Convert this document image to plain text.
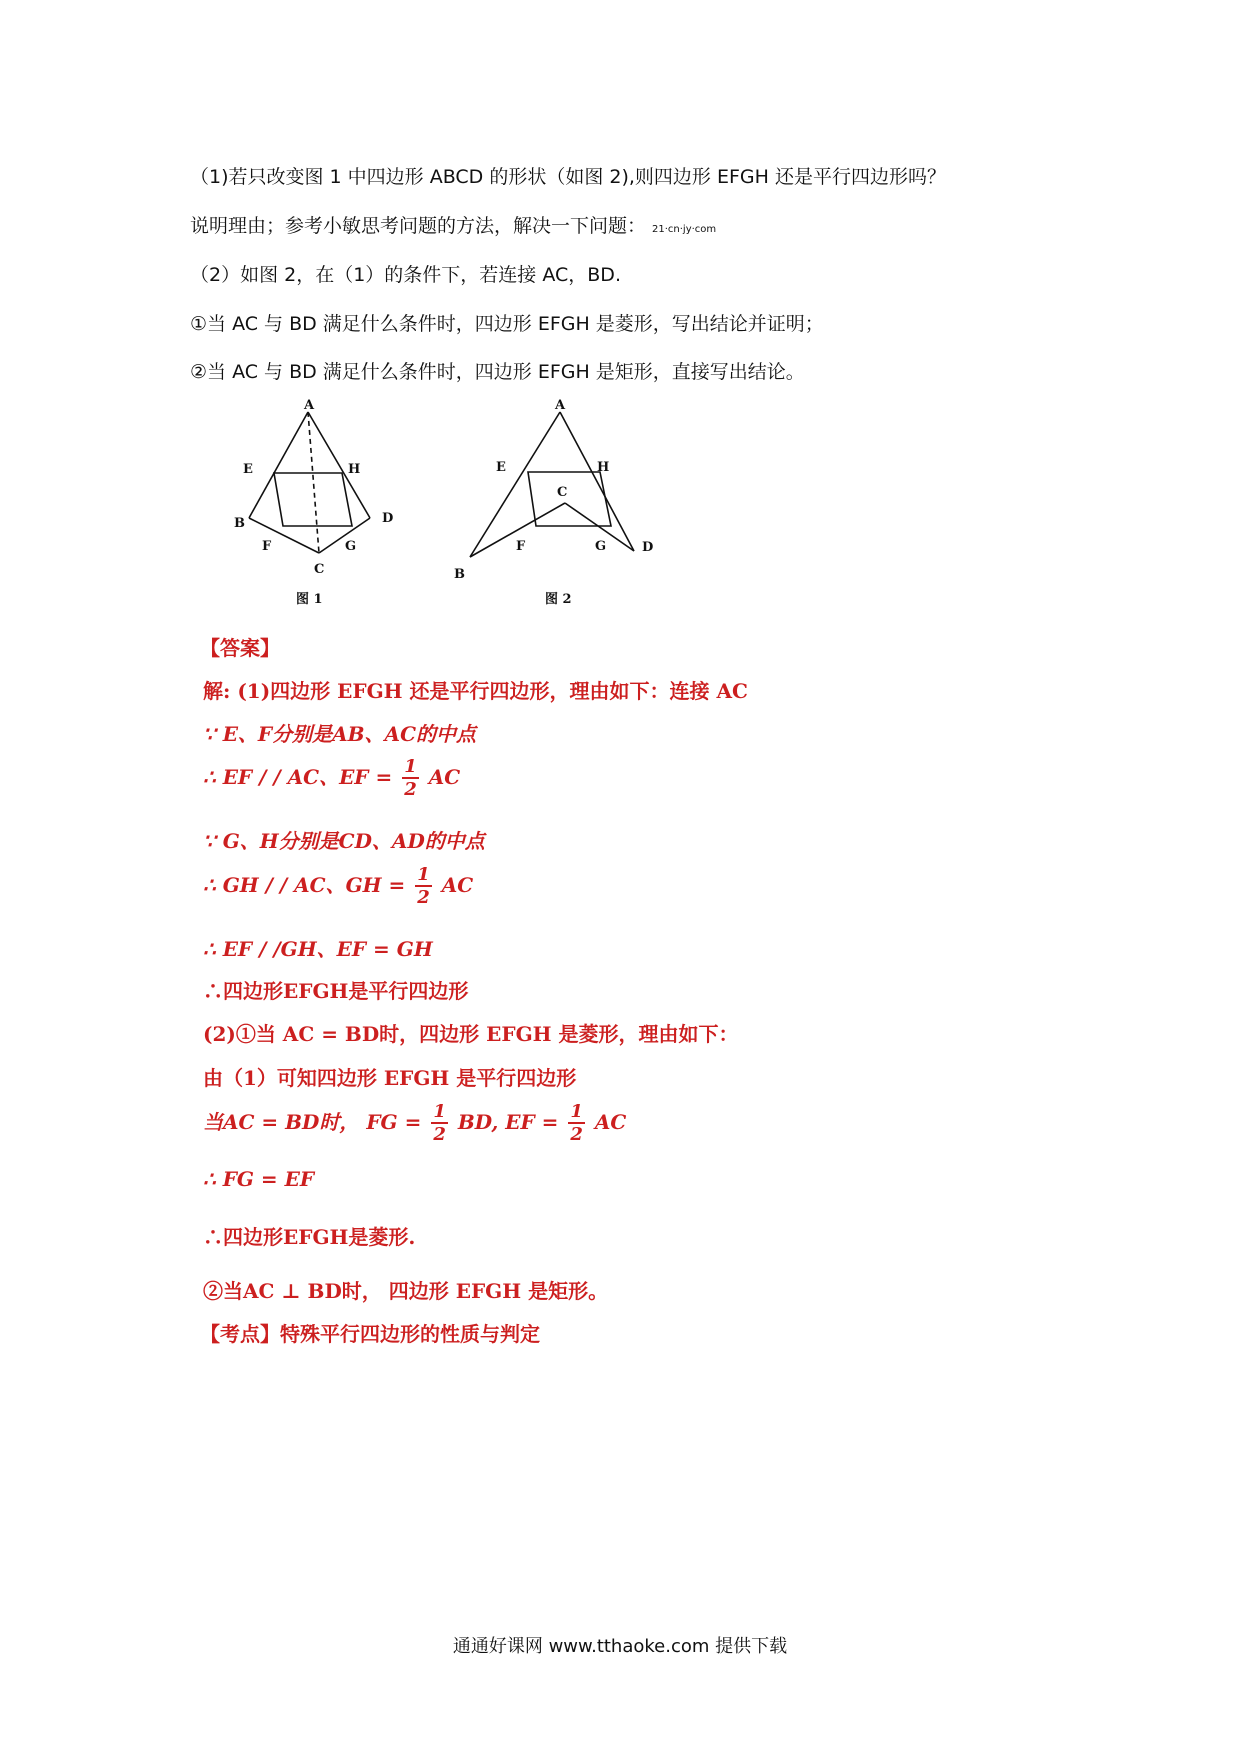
（1)若只改变图 1 中四边形 ABCD 的形状（如图 2),则四边形 EFGH 还是平行四边形吗？
说明理由；参考小敏思考问题的方法，解决一下问题： 21·cn·jy·com
（2）如图 2，在（1）的条件下，若连接 AC，BD.
①当 AC 与 BD 满足什么条件时，四边形 EFGH 是菱形，写出结论并证明；
②当 AC 与 BD 满足什么条件时，四边形 EFGH 是矩形，直接写出结论。
A
B
C
D
E
F	G
H
图 1
A
B
C
D
E
F	G
H
图 2
【答案】
解: (1)四边形 EFGH 还是平行四边形，理由如下：连接 AC
∵ E、F分别是AB、AC的中点
∴ EF / / AC、EF = $\frac{1}{2}$ AC
∵ G、H分别是CD、AD的中点
∴ GH / / AC、GH = $\frac{1}{2}$ AC
∴ EF / /GH、EF = GH
∴四边形EFGH是平行四边形
(2)①当 AC = BD时，四边形 EFGH 是菱形，理由如下：
由（1）可知四边形 EFGH 是平行四边形
当AC = BD时， FG = $\frac{1}{2}$ BD, EF = $\frac{1}{2}$ AC
∴ FG = EF
∴四边形EFGH是菱形.
②当AC ⊥ BD时， 四边形 EFGH 是矩形。
【考点】特殊平行四边形的性质与判定
通通好课网 www.tthaoke.com 提供下载
